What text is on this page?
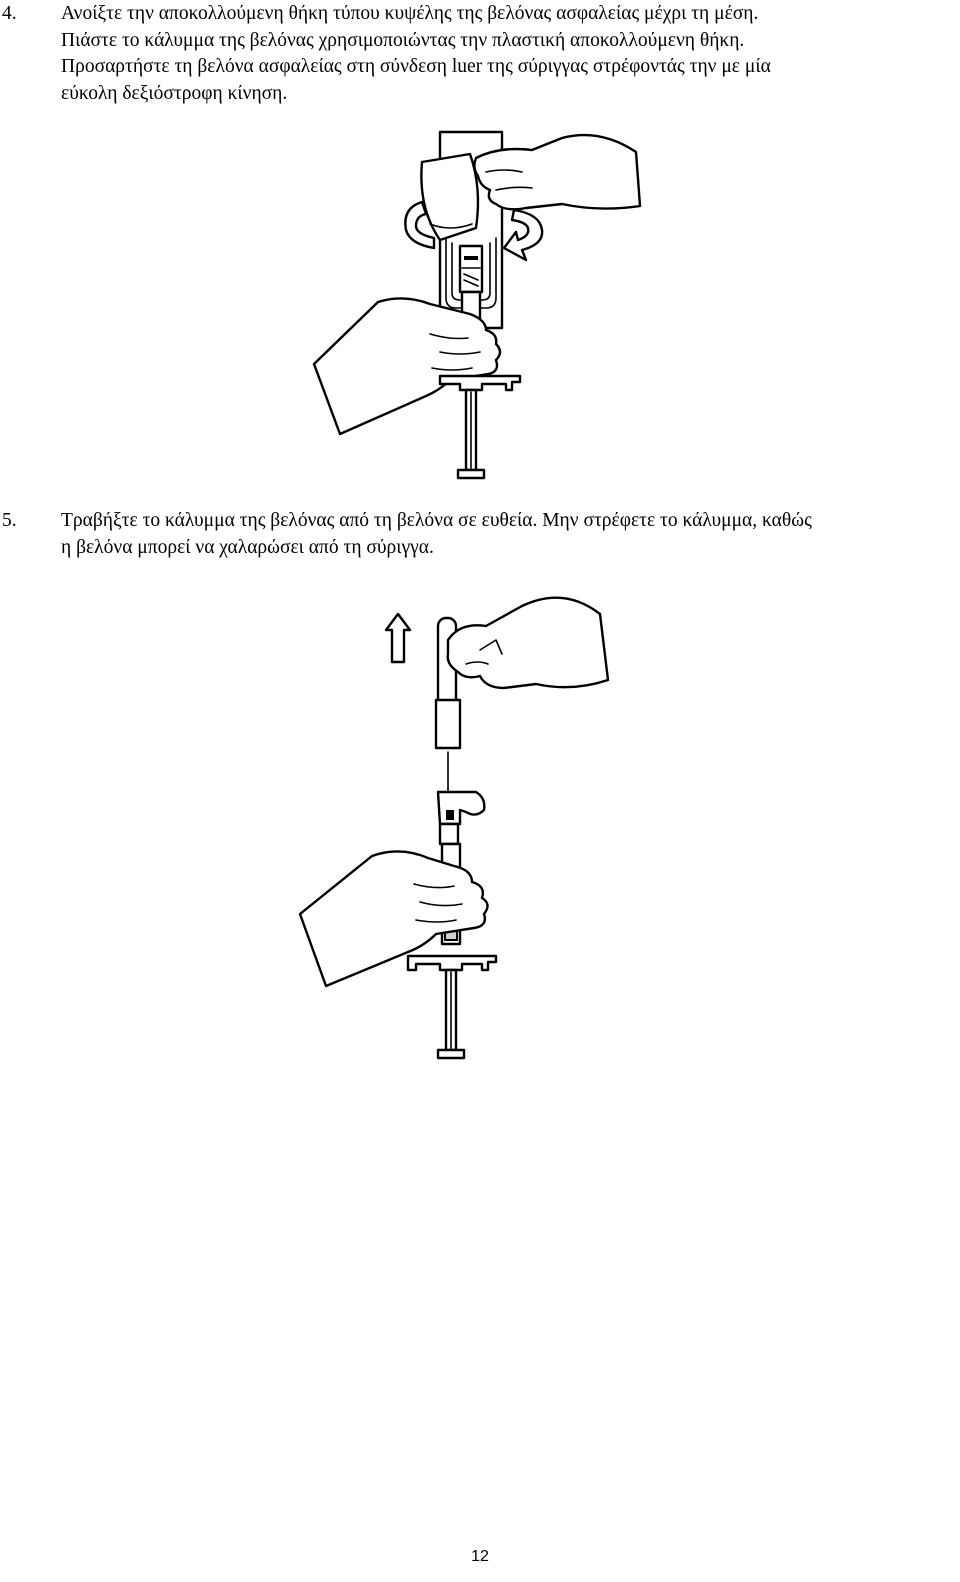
4. Ανοίξτε την αποκολλούμενη θήκη τύπου κυψέλης της βελόνας ασφαλείας μέχρι τη μέση.
Πιάστε το κάλυμμα της βελόνας χρησιμοποιώντας την πλαστική αποκολλούμενη θήκη.
Προσαρτήστε τη βελόνα ασφαλείας στη σύνδεση luer της σύριγγας στρέφοντάς την με μία
εύκολη δεξιόστροφη κίνηση.
5. Τραβήξτε το κάλυμμα της βελόνας από τη βελόνα σε ευθεία. Μην στρέφετε το κάλυμμα, καθώς
η βελόνα μπορεί να χαλαρώσει από τη σύριγγα.
12
